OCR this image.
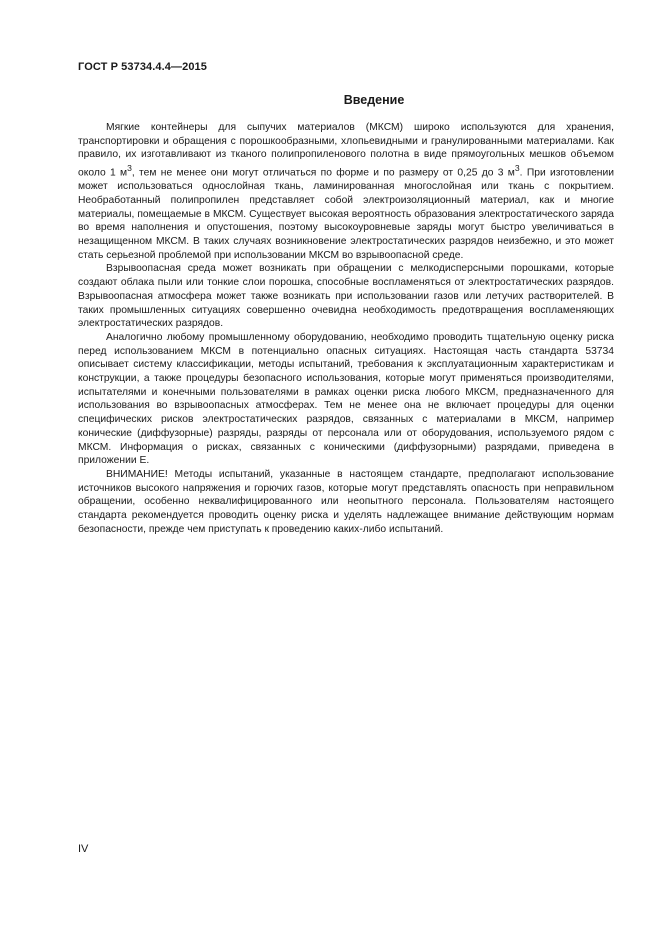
ГОСТ Р 53734.4.4—2015
Введение

Мягкие контейнеры для сыпучих материалов (МКСМ) широко используются для хранения, транспортировки и обращения с порошкообразными, хлопьевидными и гранулированными материалами. Как правило, их изготавливают из тканого полипропиленового полотна в виде прямоугольных мешков объемом около 1 $м^3$, тем не менее они могут отличаться по форме и по размеру от 0,25 до 3 $м^3$. При изготовлении может использоваться однослойная ткань, ламинированная многослойная или ткань с покрытием. Необработанный полипропилен представляет собой электроизоляционный материал, как и многие материалы, помещаемые в МКСМ. Существует высокая вероятность образования электростатического заряда во время наполнения и опустошения, поэтому высокоуровневые заряды могут быстро увеличиваться в незащищенном МКСМ. В таких случаях возникновение электростатических разрядов неизбежно, и это может стать серьезной проблемой при использовании МКСМ во взрывоопасной среде.

Взрывоопасная среда может возникать при обращении с мелкодисперсными порошками, которые создают облака пыли или тонкие слои порошка, способные воспламеняться от электростатических разрядов. Взрывоопасная атмосфера может также возникать при использовании газов или летучих растворителей. В таких промышленных ситуациях совершенно очевидна необходимость предотвращения воспламеняющих электростатических разрядов.

Аналогично любому промышленному оборудованию, необходимо проводить тщательную оценку риска перед использованием МКСМ в потенциально опасных ситуациях. Настоящая часть стандарта 53734 описывает систему классификации, методы испытаний, требования к эксплуатационным характеристикам и конструкции, а также процедуры безопасного использования, которые могут применяться производителями, испытателями и конечными пользователями в рамках оценки риска любого МКСМ, предназначенного для использования во взрывоопасных атмосферах. Тем не менее она не включает процедуры для оценки специфических рисков электростатических разрядов, связанных с материалами в МКСМ, например конические (диффузорные) разряды, разряды от персонала или от оборудования, используемого рядом с МКСМ. Информация о рисках, связанных с коническими (диффузорными) разрядами, приведена в приложении Е.

ВНИМАНИЕ! Методы испытаний, указанные в настоящем стандарте, предполагают использование источников высокого напряжения и горючих газов, которые могут представлять опасность при неправильном обращении, особенно неквалифицированного или неопытного персонала. Пользователям настоящего стандарта рекомендуется проводить оценку риска и уделять надлежащее внимание действующим нормам безопасности, прежде чем приступать к проведению каких-либо испытаний.

IV
